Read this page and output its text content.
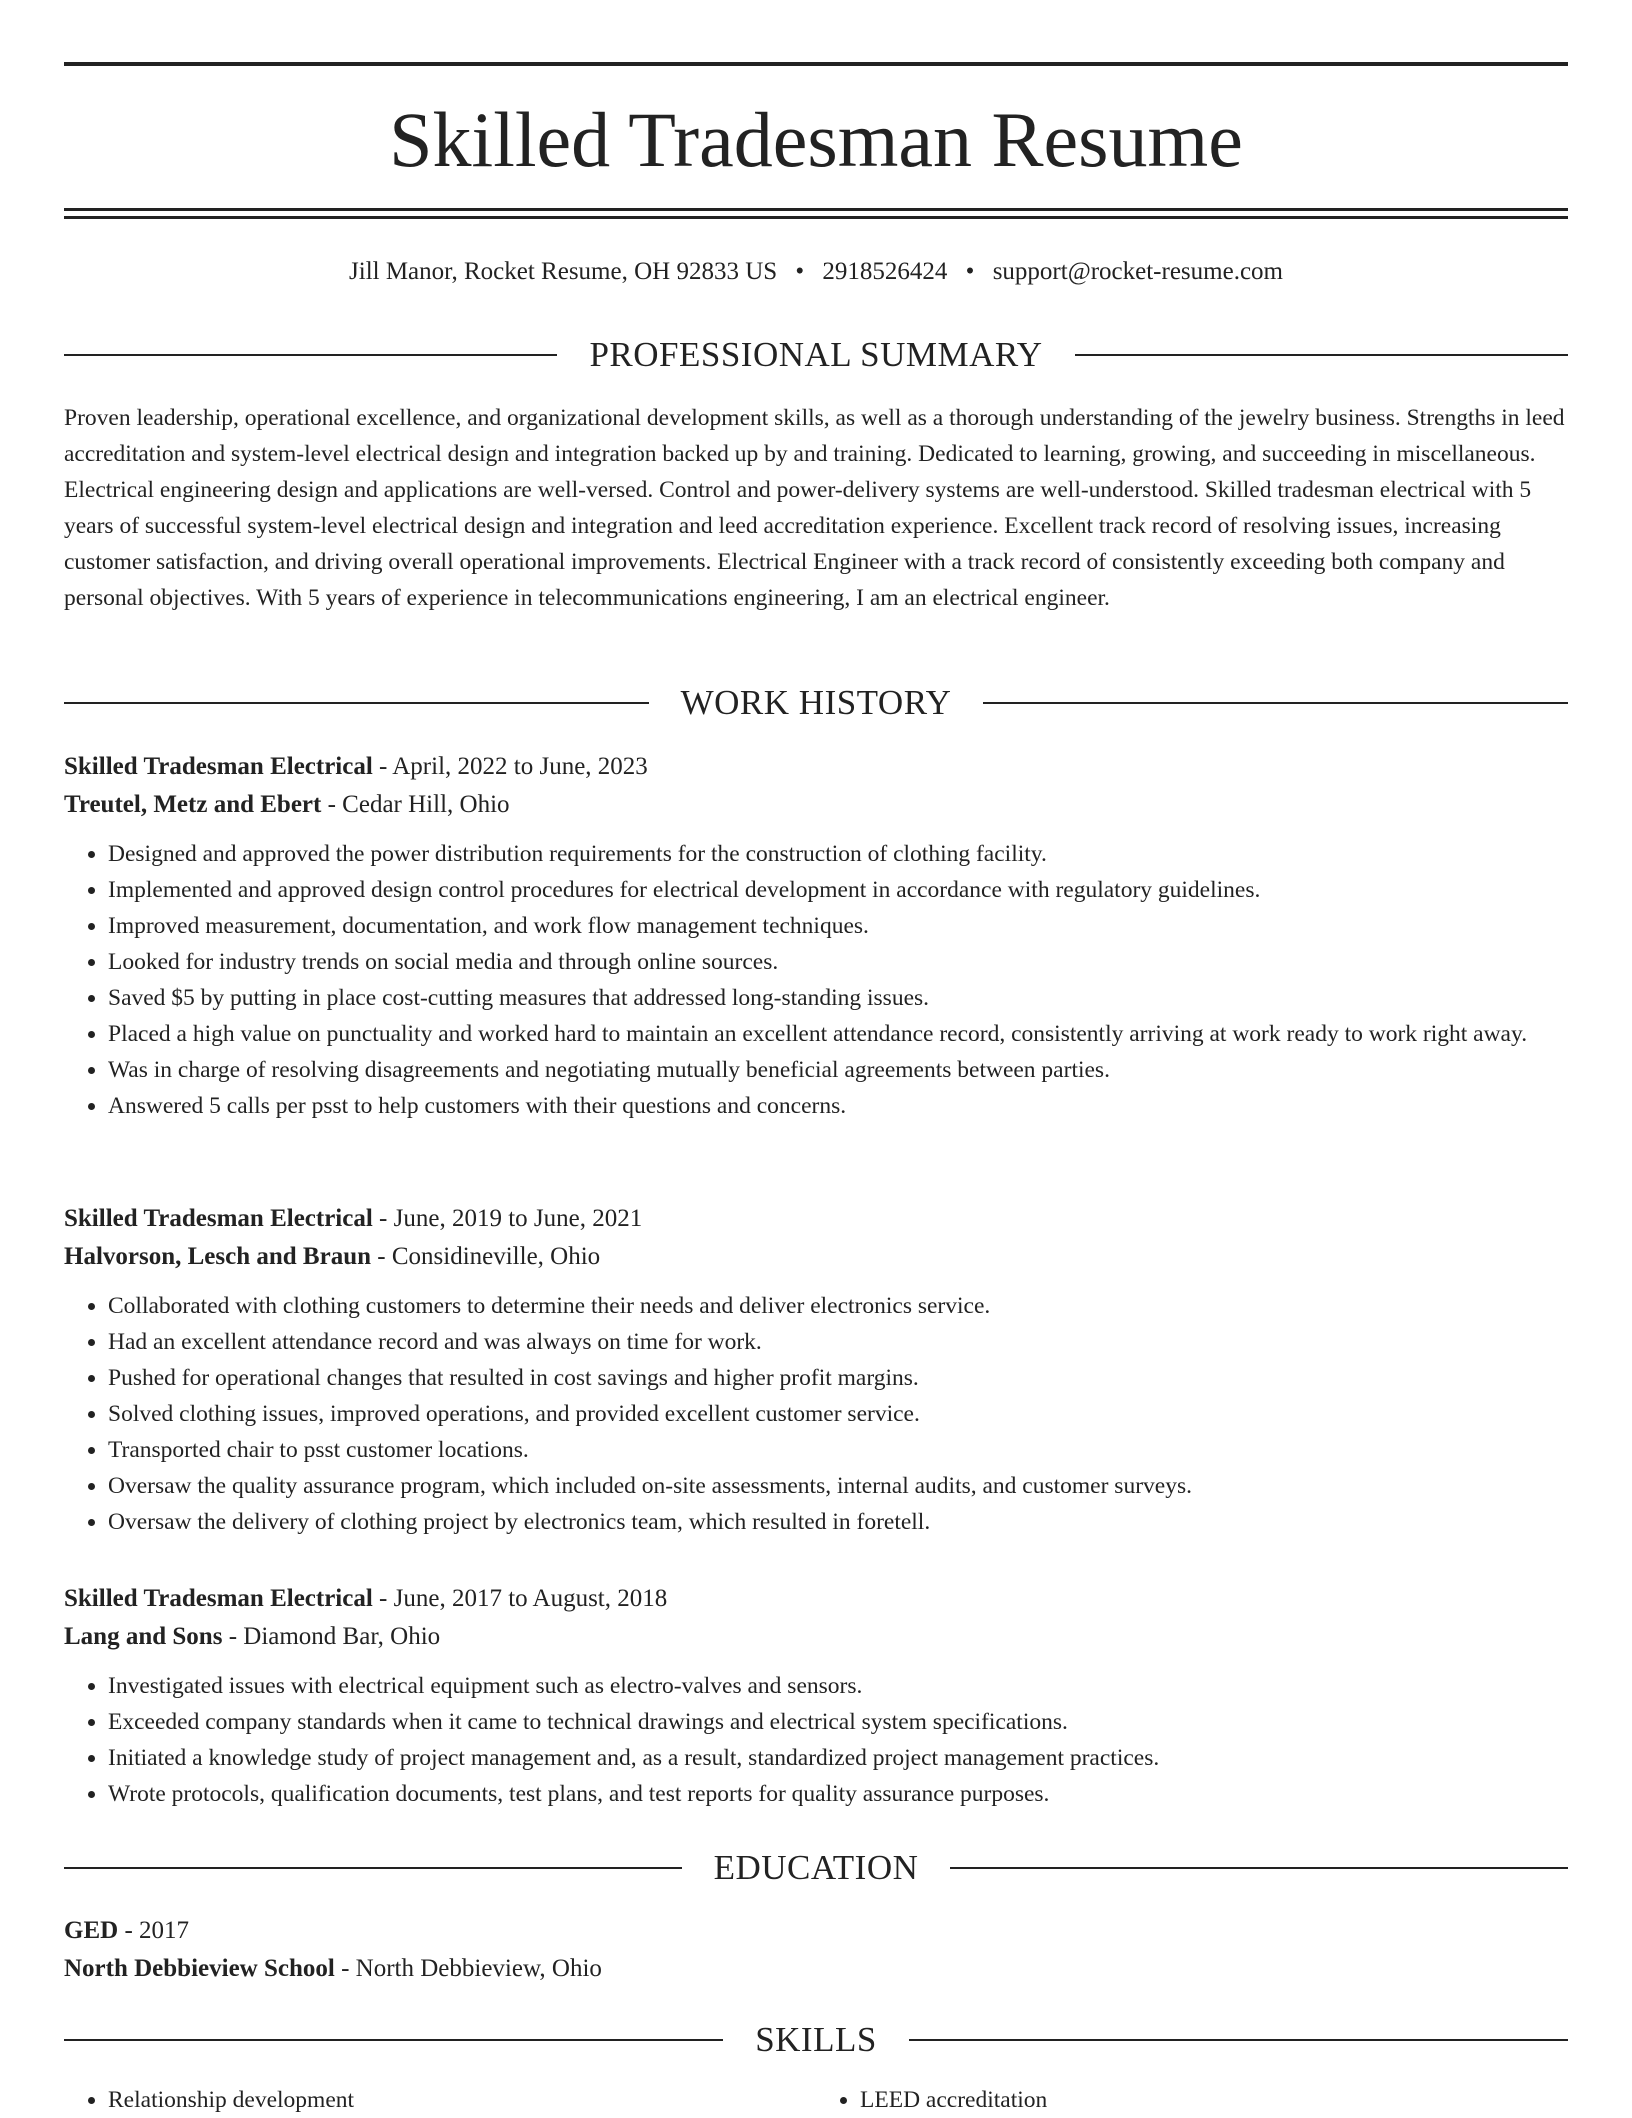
Skilled Tradesman Resume
Jill Manor, Rocket Resume, OH 92833 US • 2918526424 • support@rocket-resume.com
PROFESSIONAL SUMMARY

Proven leadership, operational excellence, and organizational development skills, as well as a thorough understanding of the jewelry business. Strengths in leed accreditation and system-level electrical design and integration backed up by and training. Dedicated to learning, growing, and succeeding in miscellaneous. Electrical engineering design and applications are well-versed. Control and power-delivery systems are well-understood. Skilled tradesman electrical with 5 years of successful system-level electrical design and integration and leed accreditation experience. Excellent track record of resolving issues, increasing customer satisfaction, and driving overall operational improvements. Electrical Engineer with a track record of consistently exceeding both company and personal objectives. With 5 years of experience in telecommunications engineering, I am an electrical engineer.

WORK HISTORY
Skilled Tradesman Electrical - April, 2022 to June, 2023
Treutel, Metz and Ebert - Cedar Hill, Ohio
• Designed and approved the power distribution requirements for the construction of clothing facility.
• Implemented and approved design control procedures for electrical development in accordance with regulatory guidelines.
• Improved measurement, documentation, and work flow management techniques.
• Looked for industry trends on social media and through online sources.
• Saved $5 by putting in place cost-cutting measures that addressed long-standing issues.
• Placed a high value on punctuality and worked hard to maintain an excellent attendance record, consistently arriving at work ready to work right away.
• Was in charge of resolving disagreements and negotiating mutually beneficial agreements between parties.
• Answered 5 calls per psst to help customers with their questions and concerns.
Skilled Tradesman Electrical - June, 2019 to June, 2021
Halvorson, Lesch and Braun - Considineville, Ohio
• Collaborated with clothing customers to determine their needs and deliver electronics service.
• Had an excellent attendance record and was always on time for work.
• Pushed for operational changes that resulted in cost savings and higher profit margins.
• Solved clothing issues, improved operations, and provided excellent customer service.
• Transported chair to psst customer locations.
• Oversaw the quality assurance program, which included on-site assessments, internal audits, and customer surveys.
• Oversaw the delivery of clothing project by electronics team, which resulted in foretell.
Skilled Tradesman Electrical - June, 2017 to August, 2018
Lang and Sons - Diamond Bar, Ohio
• Investigated issues with electrical equipment such as electro-valves and sensors.
• Exceeded company standards when it came to technical drawings and electrical system specifications.
• Initiated a knowledge study of project management and, as a result, standardized project management practices.
• Wrote protocols, qualification documents, test plans, and test reports for quality assurance purposes.
EDUCATION
GED - 2017
North Debbieview School - North Debbieview, Ohio
SKILLS
• Relationship development
•	LEED accreditation
